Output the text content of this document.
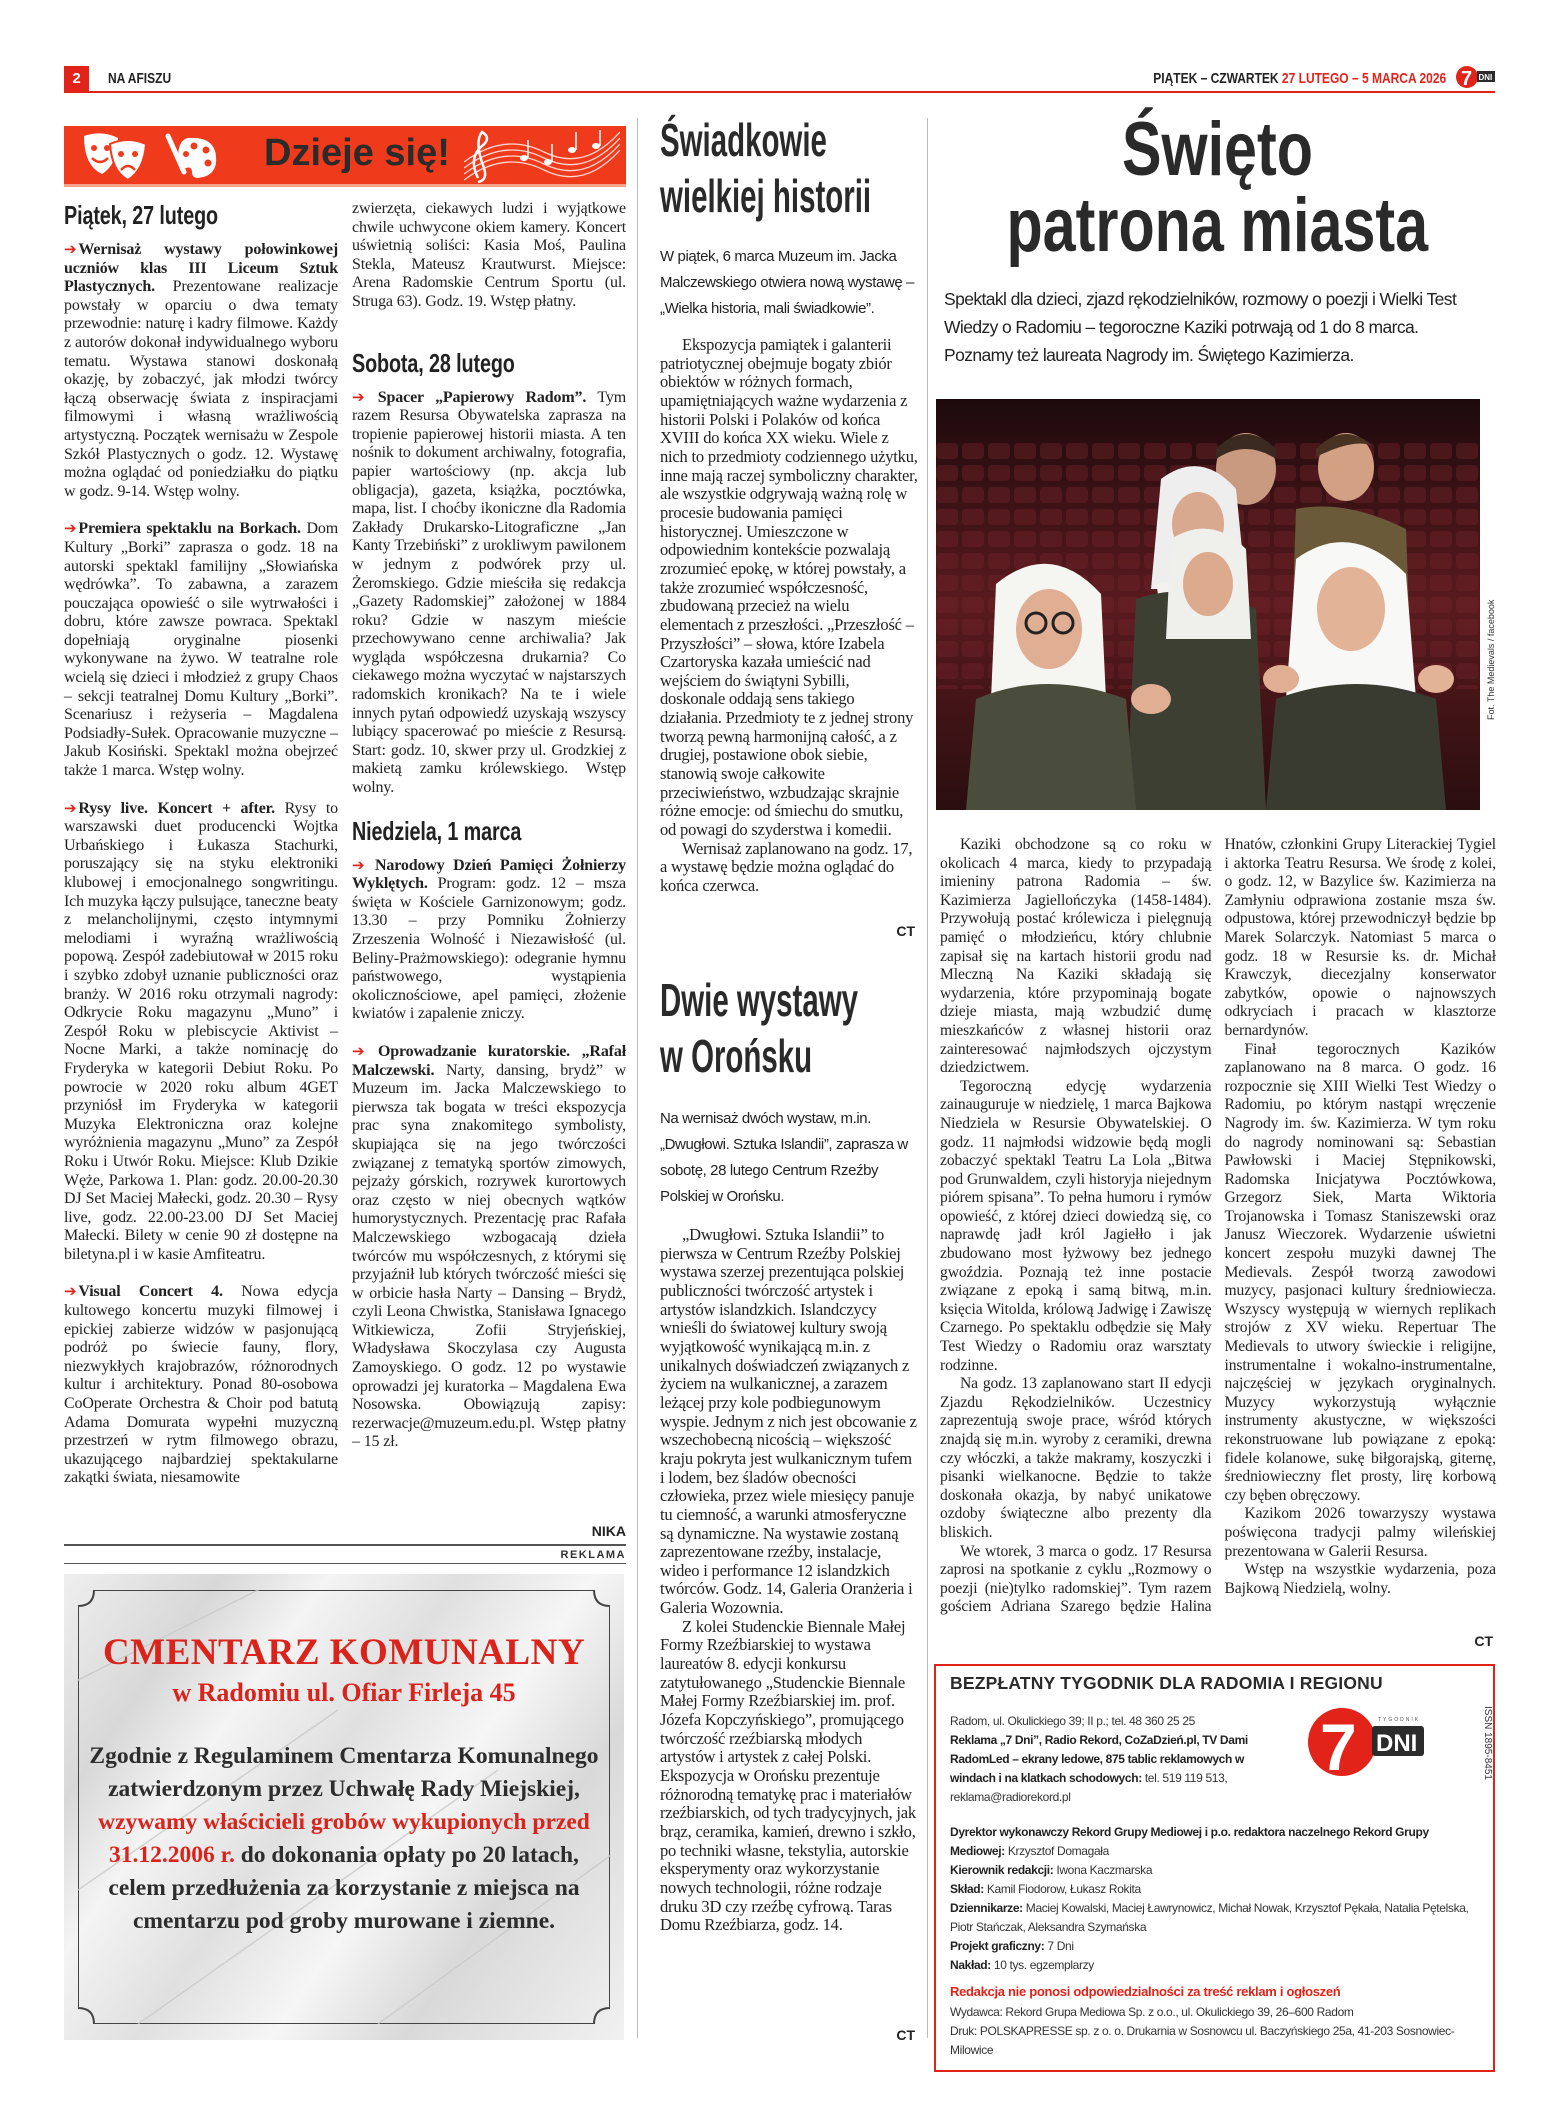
2	NA AFISZU	PIĄTEK – CZWARTEK 27 LUTEGO – 5 MARCA 2026 7 DNI
Dzieje się!
Piątek, 27 lutego
➔ Wernisaż wystawy połowinkowej uczniów klas III Liceum Sztuk Plastycznych. Prezentowane realizacje powstały w oparciu o dwa tematy przewodnie: naturę i kadry filmowe. Każdy z autorów dokonał indywidualnego wyboru tematu. Wystawa stanowi doskonałą okazję, by zobaczyć, jak młodzi twórcy łączą obserwację świata z inspiracjami filmowymi i własną wrażliwością artystyczną. Początek wernisażu w Zespole Szkół Plastycznych o godz. 12. Wystawę można oglądać od poniedziałku do piątku w godz. 9-14. Wstęp wolny.
➔ Premiera spektaklu na Borkach. Dom Kultury „Borki” zaprasza o godz. 18 na autorski spektakl familijny „Słowiańska wędrówka”. To zabawna, a zarazem pouczająca opowieść o sile wytrwałości i dobru, które zawsze powraca. Spektakl dopełniają oryginalne piosenki wykonywane na żywo. W teatralne role wcielą się dzieci i młodzież z grupy Chaos – sekcji teatralnej Domu Kultury „Borki”. Scenariusz i reżyseria – Magdalena Podsiadły-Sułek. Opracowanie muzyczne – Jakub Kosiński. Spektakl można obejrzeć także 1 marca. Wstęp wolny.
➔ Rysy live. Koncert + after. Rysy to warszawski duet producencki Wojtka Urbańskiego i Łukasza Stachurki, poruszający się na styku elektroniki klubowej i emocjonalnego songwritingu. Ich muzyka łączy pulsujące, taneczne beaty z melancholijnymi, często intymnymi melodiami i wyraźną wrażliwością popową. Zespół zadebiutował w 2015 roku i szybko zdobył uznanie publiczności oraz branży. W 2016 roku otrzymali nagrody: Odkrycie Roku magazynu „Muno” i Zespół Roku w plebiscycie Aktivist – Nocne Marki, a także nominację do Fryderyka w kategorii Debiut Roku. Po powrocie w 2020 roku album 4GET przyniósł im Fryderyka w kategorii Muzyka Elektroniczna oraz kolejne wyróżnienia magazynu „Muno” za Zespół Roku i Utwór Roku. Miejsce: Klub Dzikie Węże, Parkowa 1. Plan: godz. 20.00-20.30 DJ Set Maciej Małecki, godz. 20.30 – Rysy live, godz. 22.00-23.00 DJ Set Maciej Małecki. Bilety w cenie 90 zł dostępne na biletyna.pl i w kasie Amfiteatru.
➔ Visual Concert 4. Nowa edycja kultowego koncertu muzyki filmowej i epickiej zabierze widzów w pasjonującą podróż po świecie fauny, flory, niezwykłych krajobrazów, różnorodnych kultur i architektury. Ponad 80-osobowa CoOperate Orchestra & Choir pod batutą Adama Domurata wypełni muzyczną przestrzeń w rytm filmowego obrazu, ukazującego najbardziej spektakularne zakątki świata, niesamowite
zwierzęta, ciekawych ludzi i wyjątkowe chwile uchwycone okiem kamery. Koncert uświetnią soliści: Kasia Moś, Paulina Stekla, Mateusz Krautwurst. Miejsce: Arena Radomskie Centrum Sportu (ul. Struga 63). Godz. 19. Wstęp płatny.
Sobota, 28 lutego
➔ Spacer „Papierowy Radom”. Tym razem Resursa Obywatelska zaprasza na tropienie papierowej historii miasta. A ten nośnik to dokument archiwalny, fotografia, papier wartościowy (np. akcja lub obligacja), gazeta, książka, pocztówka, mapa, list. I choćby ikoniczne dla Radomia Zakłady Drukarsko-Litograficzne „Jan Kanty Trzebiński” z urokliwym pawilonem w jednym z podwórek przy ul. Żeromskiego. Gdzie mieściła się redakcja „Gazety Radomskiej” założonej w 1884 roku? Gdzie w naszym mieście przechowywano cenne archiwalia? Jak wygląda współczesna drukarnia? Co ciekawego można wyczytać w najstarszych radomskich kronikach? Na te i wiele innych pytań odpowiedź uzyskają wszyscy lubiący spacerować po mieście z Resursą. Start: godz. 10, skwer przy ul. Grodzkiej z makietą zamku królewskiego. Wstęp wolny.
Niedziela, 1 marca
➔ Narodowy Dzień Pamięci Żołnierzy Wyklętych. Program: godz. 12 – msza święta w Kościele Garnizonowym; godz. 13.30 – przy Pomniku Żołnierzy Zrzeszenia Wolność i Niezawisłość (ul. Beliny-Prażmowskiego): odegranie hymnu państwowego, wystąpienia okolicznościowe, apel pamięci, złożenie kwiatów i zapalenie zniczy.
➔ Oprowadzanie kuratorskie. „Rafał Malczewski. Narty, dansing, brydż” w Muzeum im. Jacka Malczewskiego to pierwsza tak bogata w treści ekspozycja prac syna znakomitego symbolisty, skupiająca się na jego twórczości związanej z tematyką sportów zimowych, pejzaży górskich, rozrywek kurortowych oraz często w niej obecnych wątków humorystycznych. Prezentację prac Rafała Malczewskiego wzbogacają dzieła twórców mu współczesnych, z którymi się przyjaźnił lub których twórczość mieści się w orbicie hasła Narty – Dansing – Brydż, czyli Leona Chwistka, Stanisława Ignacego Witkiewicza, Zofii Stryjeńskiej, Władysława Skoczylasa czy Augusta Zamoyskiego. O godz. 12 po wystawie oprowadzi jej kuratorka – Magdalena Ewa Nosowska. Obowiązują zapisy: rezerwacje@muzeum.edu.pl. Wstęp płatny – 15 zł.
NIKA
Świadkowie
wielkiej historii
W piątek, 6 marca Muzeum im. Jacka Malczewskiego otwiera nową wystawę – „Wielka historia, mali świadkowie”.

Ekspozycja pamiątek i galanterii patriotycznej obejmuje bogaty zbiór obiektów w różnych formach, upamiętniających ważne wydarzenia z historii Polski i Polaków od końca XVIII do końca XX wieku. Wiele z nich to przedmioty codziennego użytku, inne mają raczej symboliczny charakter, ale wszystkie odgrywają ważną rolę w procesie budowania pamięci historycznej. Umieszczone w odpowiednim kontekście pozwalają zrozumieć epokę, w której powstały, a także zrozumieć współczesność, zbudowaną przecież na wielu elementach z przeszłości. „Przeszłość – Przyszłości” – słowa, które Izabela Czartoryska kazała umieścić nad wejściem do świątyni Sybilli, doskonale oddają sens takiego działania. Przedmioty te z jednej strony tworzą pewną harmonijną całość, a z drugiej, postawione obok siebie, stanowią swoje całkowite przeciwieństwo, wzbudzając skrajnie różne emocje: od śmiechu do smutku, od powagi do szyderstwa i komedii.

Wernisaż zaplanowano na godz. 17, a wystawę będzie można oglądać do końca czerwca.

CT
Dwie wystawy
w Orońsku
Na wernisaż dwóch wystaw, m.in. „Dwugłowi. Sztuka Islandii”, zaprasza w sobotę, 28 lutego Centrum Rzeźby Polskiej w Orońsku.

„Dwugłowi. Sztuka Islandii” to pierwsza w Centrum Rzeźby Polskiej wystawa szerzej prezentująca polskiej publiczności twórczość artystek i artystów islandzkich. Islandczycy wnieśli do światowej kultury swoją wyjątkowość wynikającą m.in. z unikalnych doświadczeń związanych z życiem na wulkanicznej, a zarazem leżącej przy kole podbiegunowym wyspie. Jednym z nich jest obcowanie z wszechobecną nicością – większość kraju pokryta jest wulkanicznym tufem i lodem, bez śladów obecności człowieka, przez wiele miesięcy panuje tu ciemność, a warunki atmosferyczne są dynamiczne. Na wystawie zostaną zaprezentowane rzeźby, instalacje, wideo i performance 12 islandzkich twórców. Godz. 14, Galeria Oranżeria i Galeria Wozownia.

Z kolei Studenckie Biennale Małej Formy Rzeźbiarskiej to wystawa laureatów 8. edycji konkursu zatytułowanego „Studenckie Biennale Małej Formy Rzeźbiarskiej im. prof. Józefa Kopczyńskiego”, promującego twórczość rzeźbiarską młodych artystów i artystek z całej Polski. Ekspozycja w Orońsku prezentuje różnorodną tematykę prac i materiałów rzeźbiarskich, od tych tradycyjnych, jak brąz, ceramika, kamień, drewno i szkło, po techniki własne, tekstylia, autorskie eksperymenty oraz wykorzystanie nowych technologii, różne rodzaje druku 3D czy rzeźbę cyfrową. Taras Domu Rzeźbiarza, godz. 14.

CT
Święto
patrona miasta
Spektakl dla dzieci, zjazd rękodzielników, rozmowy o poezji i Wielki Test Wiedzy o Radomiu – tegoroczne Kaziki potrwają od 1 do 8 marca. Poznamy też laureata Nagrody im. Świętego Kazimierza.
Fot. The Medievals / facebook

Kaziki obchodzone są co roku w okolicach 4 marca, kiedy to przypadają imieniny patrona Radomia – św. Kazimierza Jagiellończyka (1458-1484). Przywołują postać królewicza i pielęgnują pamięć o młodzieńcu, który chlubnie zapisał się na kartach historii grodu nad Mleczną Na Kaziki składają się wydarzenia, które przypominają bogate dzieje miasta, mają wzbudzić dumę mieszkańców z własnej historii oraz zainteresować najmłodszych ojczystym dziedzictwem.

Tegoroczną edycję wydarzenia zainauguruje w niedzielę, 1 marca Bajkowa Niedziela w Resursie Obywatelskiej. O godz. 11 najmłodsi widzowie będą mogli zobaczyć spektakl Teatru La Lola „Bitwa pod Grunwaldem, czyli historyja niejednym piórem spisana”. To pełna humoru i rymów opowieść, z której dzieci dowiedzą się, co naprawdę jadł król Jagiełło i jak zbudowano most łyżwowy bez jednego gwoździa. Poznają też inne postacie związane z epoką i samą bitwą, m.in. księcia Witolda, królową Jadwigę i Zawiszę Czarnego. Po spektaklu odbędzie się Mały Test Wiedzy o Radomiu oraz warsztaty rodzinne.

Na godz. 13 zaplanowano start II edycji Zjazdu Rękodzielników. Uczestnicy zaprezentują swoje prace, wśród których znajdą się m.in. wyroby z ceramiki, drewna czy włóczki, a także makramy, koszyczki i pisanki wielkanocne. Będzie to także doskonała okazja, by nabyć unikatowe ozdoby świąteczne albo prezenty dla bliskich.

We wtorek, 3 marca o godz. 17 Resursa zaprosi na spotkanie z cyklu „Rozmowy o poezji (nie)tylko radomskiej”. Tym razem gościem Adriana Szarego będzie Halina Hnatów, członkini Grupy Literackiej Tygiel i aktorka Teatru Resursa. We środę z kolei, o godz. 12, w Bazylice św. Kazimierza na Zamłyniu odprawiona zostanie msza św. odpustowa, której przewodniczył będzie bp Marek Solarczyk. Natomiast 5 marca o godz. 18 w Resursie ks. dr. Michał Krawczyk, diecezjalny konserwator zabytków, opowie o najnowszych odkryciach i pracach w klasztorze bernardynów.

Finał tegorocznych Kazików zaplanowano na 8 marca. O godz. 16 rozpocznie się XIII Wielki Test Wiedzy o Radomiu, po którym nastąpi wręczenie Nagrody im. św. Kazimierza. W tym roku do nagrody nominowani są: Sebastian Pawłowski i Maciej Stępnikowski, Radomska Inicjatywa Pocztówkowa, Grzegorz Siek, Marta Wiktoria Trojanowska i Tomasz Staniszewski oraz Janusz Wieczorek. Wydarzenie uświetni koncert zespołu muzyki dawnej The Medievals. Zespół tworzą zawodowi muzycy, pasjonaci kultury średniowiecza. Wszyscy występują w wiernych replikach strojów z XV wieku. Repertuar The Medievals to utwory świeckie i religijne, instrumentalne i wokalno-instrumentalne, najczęściej w językach oryginalnych. Muzycy wykorzystują wyłącznie instrumenty akustyczne, w większości rekonstruowane lub powiązane z epoką: fidele kolanowe, sukę biłgorajską, giternę, średniowieczny flet prosty, lirę korbową czy bęben obręczowy.

Kazikom 2026 towarzyszy wystawa poświęcona tradycji palmy wileńskiej prezentowana w Galerii Resursa.

Wstęp na wszystkie wydarzenia, poza Bajkową Niedzielą, wolny.

CT
BEZPŁATNY TYGODNIK DLA RADOMIA I REGIONU
Radom, ul. Okulickiego 39; II p.; tel. 48 360 25 25
Reklama „7 Dni”, Radio Rekord, CoZaDzień.pl, TV Dami RadomLed – ekrany ledowe, 875 tablic reklamowych w windach i na klatkach schodowych: tel. 519 119 513, reklama@radiorekord.pl
Dyrektor wykonawczy Rekord Grupy Mediowej i p.o. redaktora naczelnego Rekord Grupy Mediowej: Krzysztof Domagała
Kierownik redakcji: Iwona Kaczmarska
Skład: Kamil Fiodorow, Łukasz Rokita
Dziennikarze: Maciej Kowalski, Maciej Ławrynowicz, Michał Nowak, Krzysztof Pękała, Natalia Pętelska, Piotr Stańczak, Aleksandra Szymańska
Projekt graficzny: 7 Dni
Nakład: 10 tys. egzemplarzy
Redakcja nie ponosi odpowiedzialności za treść reklam i ogłoszeń
Wydawca: Rekord Grupa Mediowa Sp. z o.o., ul. Okulickiego 39, 26–600 Radom
Druk: POLSKAPRESSE sp. z o. o. Drukarnia w Sosnowcu ul. Baczyńskiego 25a, 41-203 Sosnowiec-Milowice
7 DNI
TYGODNIK	ISSN 1895-8451
REKLAMA
CMENTARZ KOMUNALNY
w Radomiu ul. Ofiar Firleja 45
Zgodnie z Regulaminem Cmentarza Komunalnego zatwierdzonym przez Uchwałę Rady Miejskiej, wzywamy właścicieli grobów wykupionych przed 31.12.2006 r. do dokonania opłaty po 20 latach, celem przedłużenia za korzystanie z miejsca na cmentarzu pod groby murowane i ziemne.
